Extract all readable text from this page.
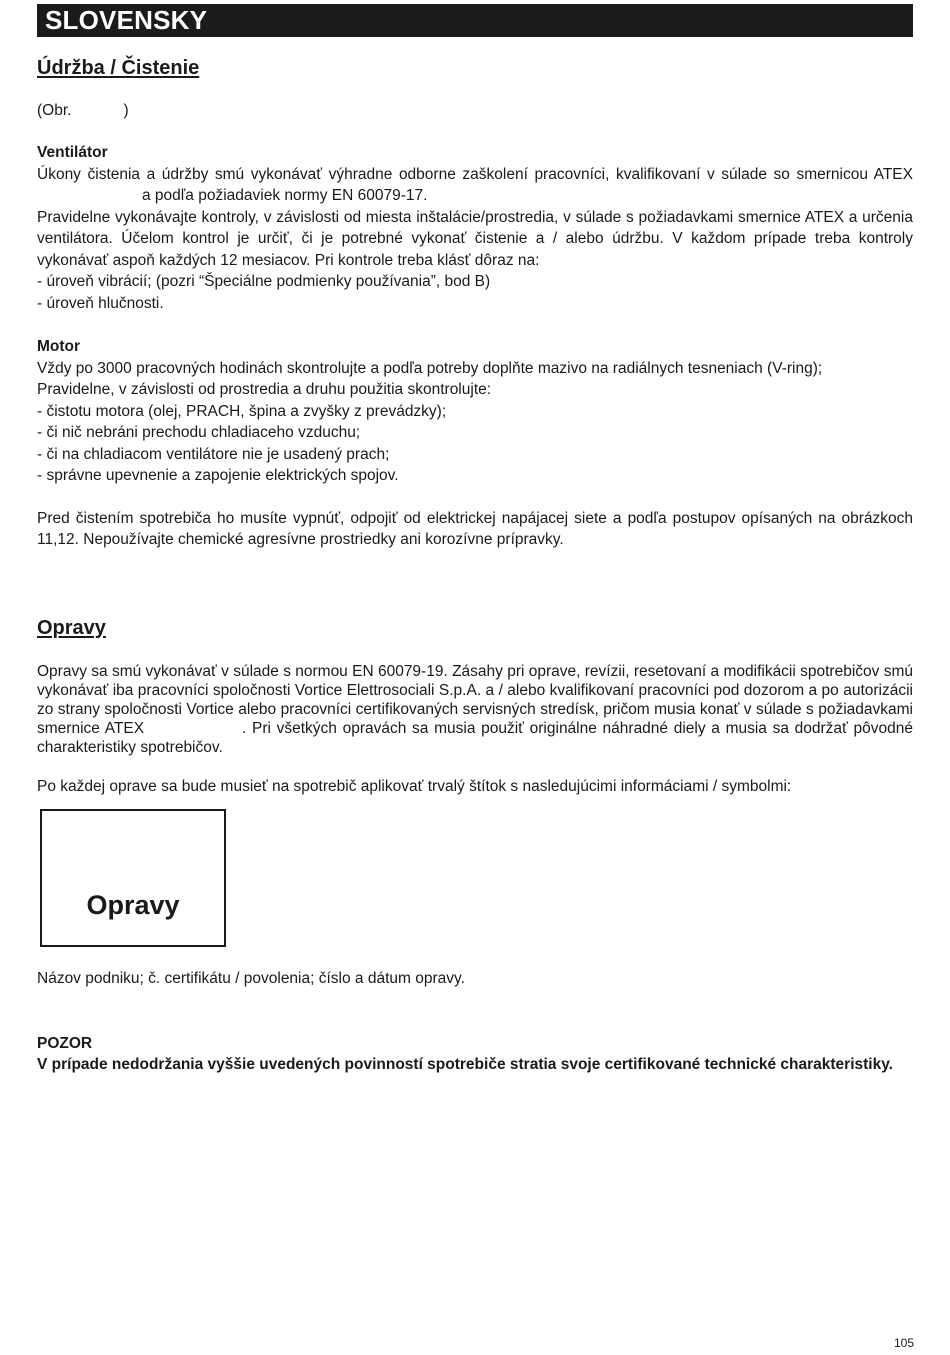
SLOVENSKY
Údržba / Čistenie
(Obr.	)

Ventilátor

Úkony čistenia a údržby smú vykonávať výhradne odborne zaškolení pracovníci, kvalifikovaní v súlade so smernicou ATEXa podľa požiadaviek normy EN 60079-17.

Pravidelne vykonávajte kontroly, v závislosti od miesta inštalácie/prostredia, v súlade s požiadavkami smernice ATEX a určenia ventilátora. Účelom kontrol je určiť, či je potrebné vykonať čistenie a / alebo údržbu. V každom prípade treba kontroly vykonávať aspoň každých 12 mesiacov. Pri kontrole treba klásť dôraz na:

- úroveň vibrácií; (pozri “Špeciálne podmienky používania”, bod B)

- úroveň hlučnosti.

Motor

Vždy po 3000 pracovných hodinách skontrolujte a podľa potreby doplňte mazivo na radiálnych tesneniach (V-ring);

Pravidelne, v závislosti od prostredia a druhu použitia skontrolujte:

- čistotu motora (olej, PRACH, špina a zvyšky z prevádzky);

- či nič nebráni prechodu chladiaceho vzduchu;

- či na chladiacom ventilátore nie je usadený prach;

- správne upevnenie a zapojenie elektrických spojov.

Pred čistením spotrebiča ho musíte vypnúť, odpojiť od elektrickej napájacej siete a podľa postupov opísaných na obrázkoch 11,12. Nepoužívajte chemické agresívne prostriedky ani korozívne prípravky.

Opravy

Opravy sa smú vykonávať v súlade s normou EN 60079-19. Zásahy pri oprave, revízii, resetovaní a modifikácii spotrebičov smú vykonávať iba pracovníci spoločnosti Vortice Elettrosociali S.p.A. a / alebo kvalifikovaní pracovníci pod dozorom a po autorizácii zo strany spoločnosti Vortice alebo pracovníci certifikovaných servisných stredísk, pričom musia konať v súlade s požiadavkami smernice ATEX	. Pri všetkých opravách sa musia použiť originálne náhradné diely a musia sa dodržať pôvodné charakteristiky spotrebičov.

Po každej oprave sa bude musieť na spotrebič aplikovať trvalý štítok s nasledujúcimi informáciami / symbolmi:

Opravy

Názov podniku; č. certifikátu / povolenia; číslo a dátum opravy.

POZOR

V prípade nedodržania vyššie uvedených povinností spotrebiče stratia svoje certifikované technické charakteristiky.

105
